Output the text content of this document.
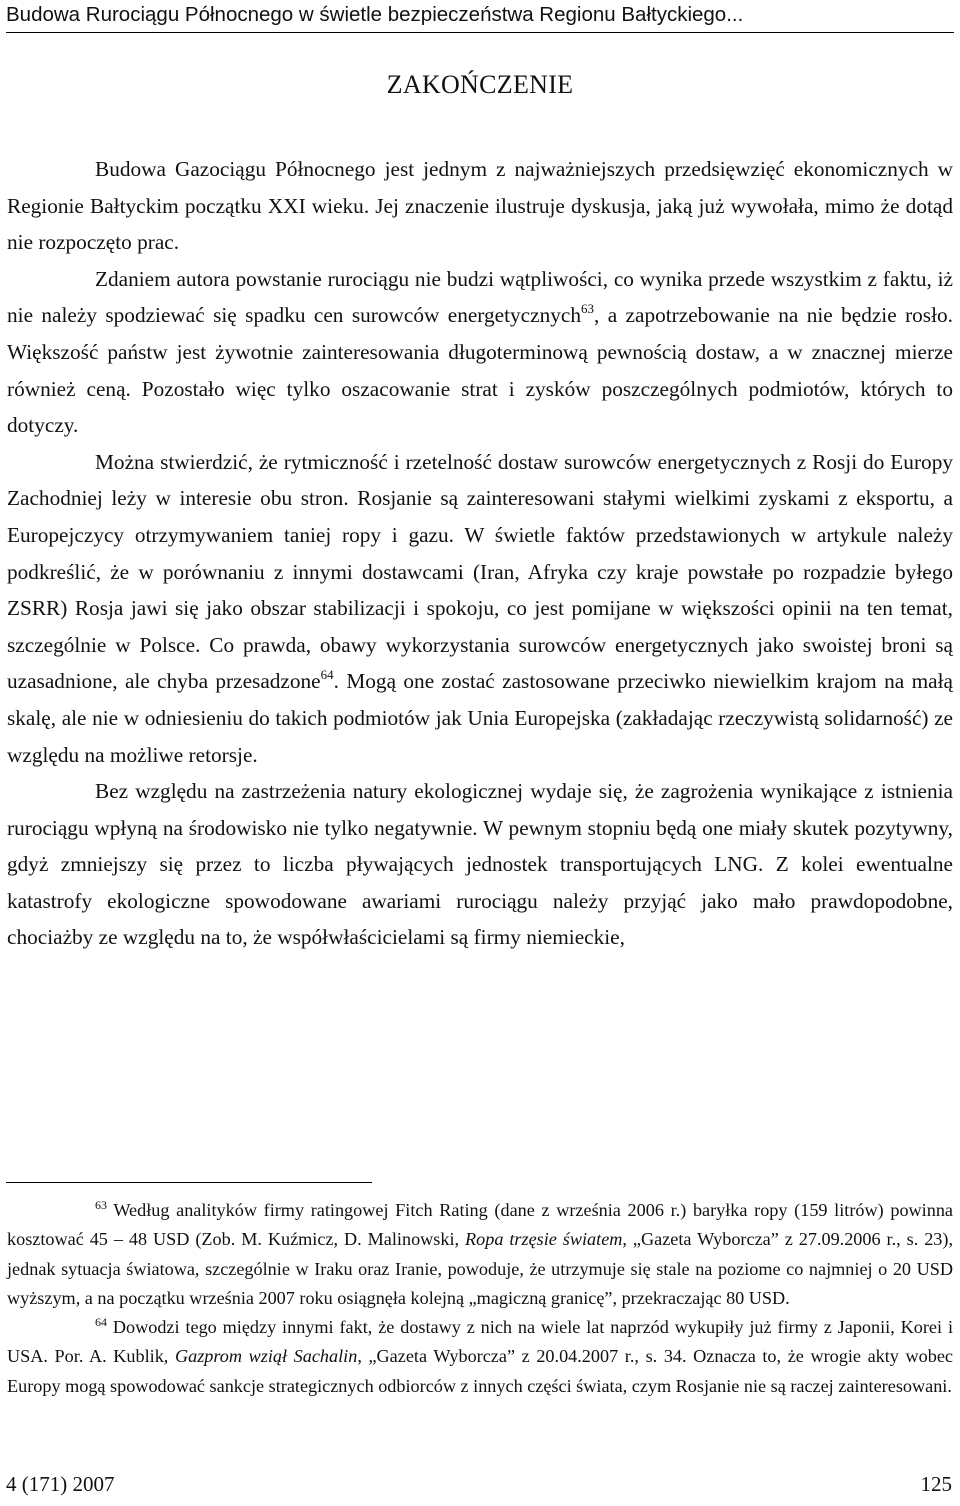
Budowa Rurociągu Północnego w świetle bezpieczeństwa Regionu Bałtyckiego...
ZAKOŃCZENIE

Budowa Gazociągu Północnego jest jednym z najważniejszych przedsięwzięć ekonomicznych w Regionie Bałtyckim początku XXI wieku. Jej znaczenie ilustruje dyskusja, jaką już wywołała, mimo że dotąd nie rozpoczęto prac.

Zdaniem autora powstanie rurociągu nie budzi wątpliwości, co wynika przede wszystkim z faktu, iż nie należy spodziewać się spadku cen surowców energetycznych$^{63}$, a zapotrzebowanie na nie będzie rosło. Większość państw jest żywotnie zainteresowania długoterminową pewnością dostaw, a w znacznej mierze również ceną. Pozostało więc tylko oszacowanie strat i zysków poszczególnych podmiotów, których to dotyczy.

Można stwierdzić, że rytmiczność i rzetelność dostaw surowców energetycznych z Rosji do Europy Zachodniej leży w interesie obu stron. Rosjanie są zainteresowani stałymi wielkimi zyskami z eksportu, a Europejczycy otrzymywaniem taniej ropy i gazu. W świetle faktów przedstawionych w artykule należy podkreślić, że w porównaniu z innymi dostawcami (Iran, Afryka czy kraje powstałe po rozpadzie byłego ZSRR) Rosja jawi się jako obszar stabilizacji i spokoju, co jest pomijane w większości opinii na ten temat, szczególnie w Polsce. Co prawda, obawy wykorzystania surowców energetycznych jako swoistej broni są uzasadnione, ale chyba przesadzone$^{64}$. Mogą one zostać zastosowane przeciwko niewielkim krajom na małą skalę, ale nie w odniesieniu do takich podmiotów jak Unia Europejska (zakładając rzeczywistą solidarność) ze względu na możliwe retorsje.

Bez względu na zastrzeżenia natury ekologicznej wydaje się, że zagrożenia wynikające z istnienia rurociągu wpłyną na środowisko nie tylko negatywnie. W pewnym stopniu będą one miały skutek pozytywny, gdyż zmniejszy się przez to liczba pływających jednostek transportujących LNG. Z kolei ewentualne katastrofy ekologiczne spowodowane awariami rurociągu należy przyjąć jako mało prawdopodobne, chociażby ze względu na to, że współwłaścicielami są firmy niemieckie,

$^{63}$ Według analityków firmy ratingowej Fitch Rating (dane z września 2006 r.) baryłka ropy (159 litrów) powinna kosztować 45 – 48 USD (Zob. M. Kuźmicz, D. Malinowski, Ropa trzęsie światem, „Gazeta Wyborcza” z 27.09.2006 r., s. 23), jednak sytuacja światowa, szczególnie w Iraku oraz Iranie, powoduje, że utrzymuje się stale na poziome co najmniej o 20 USD wyższym, a na początku września 2007 roku osiągnęła kolejną „magiczną granicę”, przekraczając 80 USD.

$^{64}$ Dowodzi tego między innymi fakt, że dostawy z nich na wiele lat naprzód wykupiły już firmy z Japonii, Korei i USA. Por. A. Kublik, Gazprom wziął Sachalin, „Gazeta Wyborcza” z 20.04.2007 r., s. 34. Oznacza to, że wrogie akty wobec Europy mogą spowodować sankcje strategicznych odbiorców z innych części świata, czym Rosjanie nie są raczej zainteresowani.

4 (171) 2007	125
